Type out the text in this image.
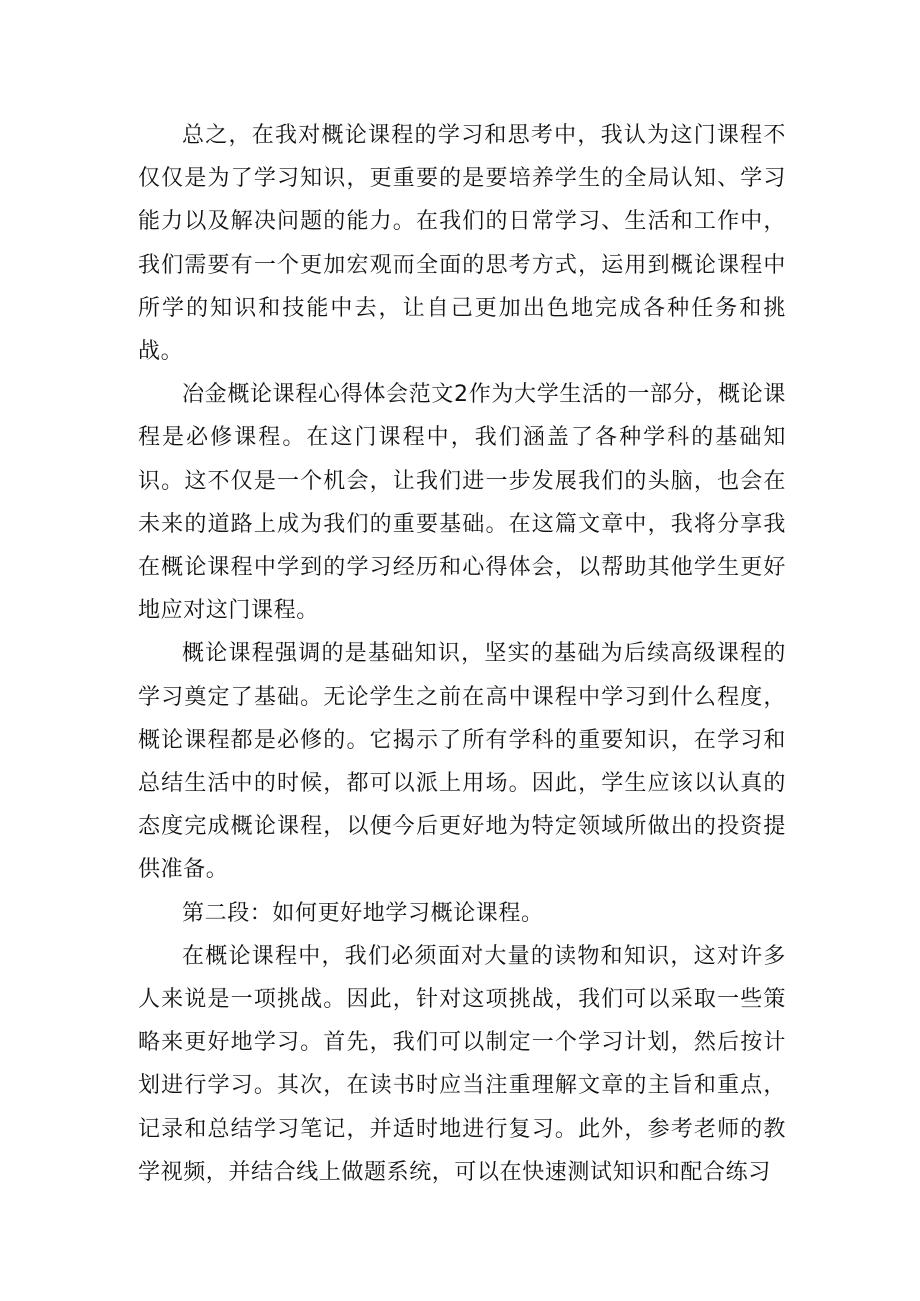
总之，在我对概论课程的学习和思考中，我认为这门课程不仅仅是为了学习知识，更重要的是要培养学生的全局认知、学习能力以及解决问题的能力。在我们的日常学习、生活和工作中，我们需要有一个更加宏观而全面的思考方式，运用到概论课程中所学的知识和技能中去，让自己更加出色地完成各种任务和挑战。

冶金概论课程心得体会范文2作为大学生活的一部分，概论课程是必修课程。在这门课程中，我们涵盖了各种学科的基础知识。这不仅是一个机会，让我们进一步发展我们的头脑，也会在未来的道路上成为我们的重要基础。在这篇文章中，我将分享我在概论课程中学到的学习经历和心得体会，以帮助其他学生更好地应对这门课程。

概论课程强调的是基础知识，坚实的基础为后续高级课程的学习奠定了基础。无论学生之前在高中课程中学习到什么程度，概论课程都是必修的。它揭示了所有学科的重要知识，在学习和总结生活中的时候，都可以派上用场。因此，学生应该以认真的态度完成概论课程，以便今后更好地为特定领域所做出的投资提供准备。

第二段：如何更好地学习概论课程。

在概论课程中，我们必须面对大量的读物和知识，这对许多人来说是一项挑战。因此，针对这项挑战，我们可以采取一些策略来更好地学习。首先，我们可以制定一个学习计划，然后按计划进行学习。其次，在读书时应当注重理解文章的主旨和重点，记录和总结学习笔记，并适时地进行复习。此外，参考老师的教学视频，并结合线上做题系统，可以在快速测试知识和配合练习
